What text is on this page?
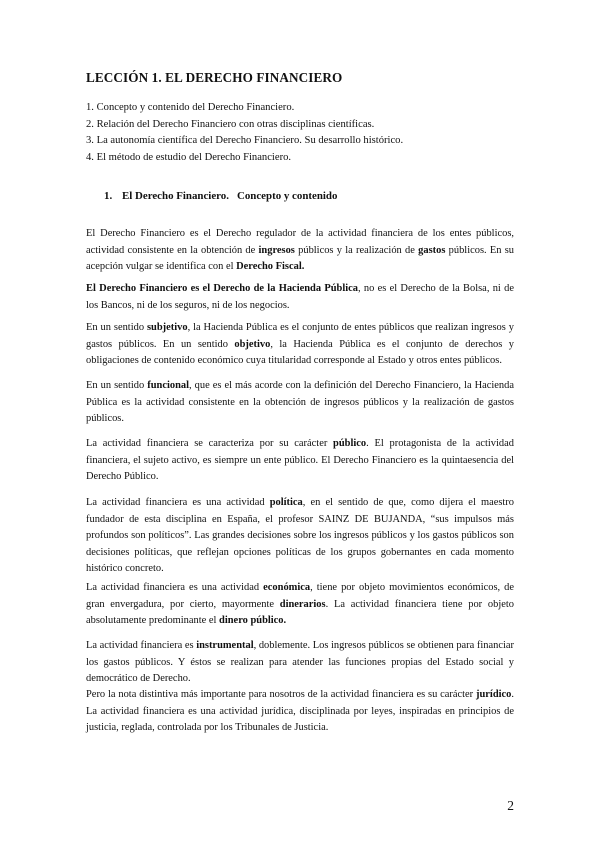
LECCIÓN 1. EL DERECHO FINANCIERO
1. Concepto y contenido del Derecho Financiero.
2. Relación del Derecho Financiero con otras disciplinas científicas.
3. La autonomía científica del Derecho Financiero. Su desarrollo histórico.
4. El método de estudio del Derecho Financiero.
1. El Derecho Financiero. Concepto y contenido

El Derecho Financiero es el Derecho regulador de la actividad financiera de los entes públicos, actividad consistente en la obtención de ingresos públicos y la realización de gastos públicos. En su acepción vulgar se identifica con el Derecho Fiscal.

El Derecho Financiero es el Derecho de la Hacienda Pública, no es el Derecho de la Bolsa, ni de los Bancos, ni de los seguros, ni de los negocios.

En un sentido subjetivo, la Hacienda Pública es el conjunto de entes públicos que realizan ingresos y gastos públicos. En un sentido objetivo, la Hacienda Pública es el conjunto de derechos y obligaciones de contenido económico cuya titularidad corresponde al Estado y otros entes públicos.

En un sentido funcional, que es el más acorde con la definición del Derecho Financiero, la Hacienda Pública es la actividad consistente en la obtención de ingresos públicos y la realización de gastos públicos.

La actividad financiera se caracteriza por su carácter público. El protagonista de la actividad financiera, el sujeto activo, es siempre un ente público. El Derecho Financiero es la quintaesencia del Derecho Público.

La actividad financiera es una actividad política, en el sentido de que, como dijera el maestro fundador de esta disciplina en España, el profesor SAINZ DE BUJANDA, “sus impulsos más profundos son políticos”. Las grandes decisiones sobre los ingresos públicos y los gastos públicos son decisiones políticas, que reflejan opciones políticas de los grupos gobernantes en cada momento histórico concreto.

La actividad financiera es una actividad económica, tiene por objeto movimientos económicos, de gran envergadura, por cierto, mayormente dinerarios. La actividad financiera tiene por objeto absolutamente predominante el dinero público.

La actividad financiera es instrumental, doblemente. Los ingresos públicos se obtienen para financiar los gastos públicos. Y éstos se realizan para atender las funciones propias del Estado social y democrático de Derecho.

Pero la nota distintiva más importante para nosotros de la actividad financiera es su carácter jurídico. La actividad financiera es una actividad jurídica, disciplinada por leyes, inspiradas en principios de justicia, reglada, controlada por los Tribunales de Justicia.

2
